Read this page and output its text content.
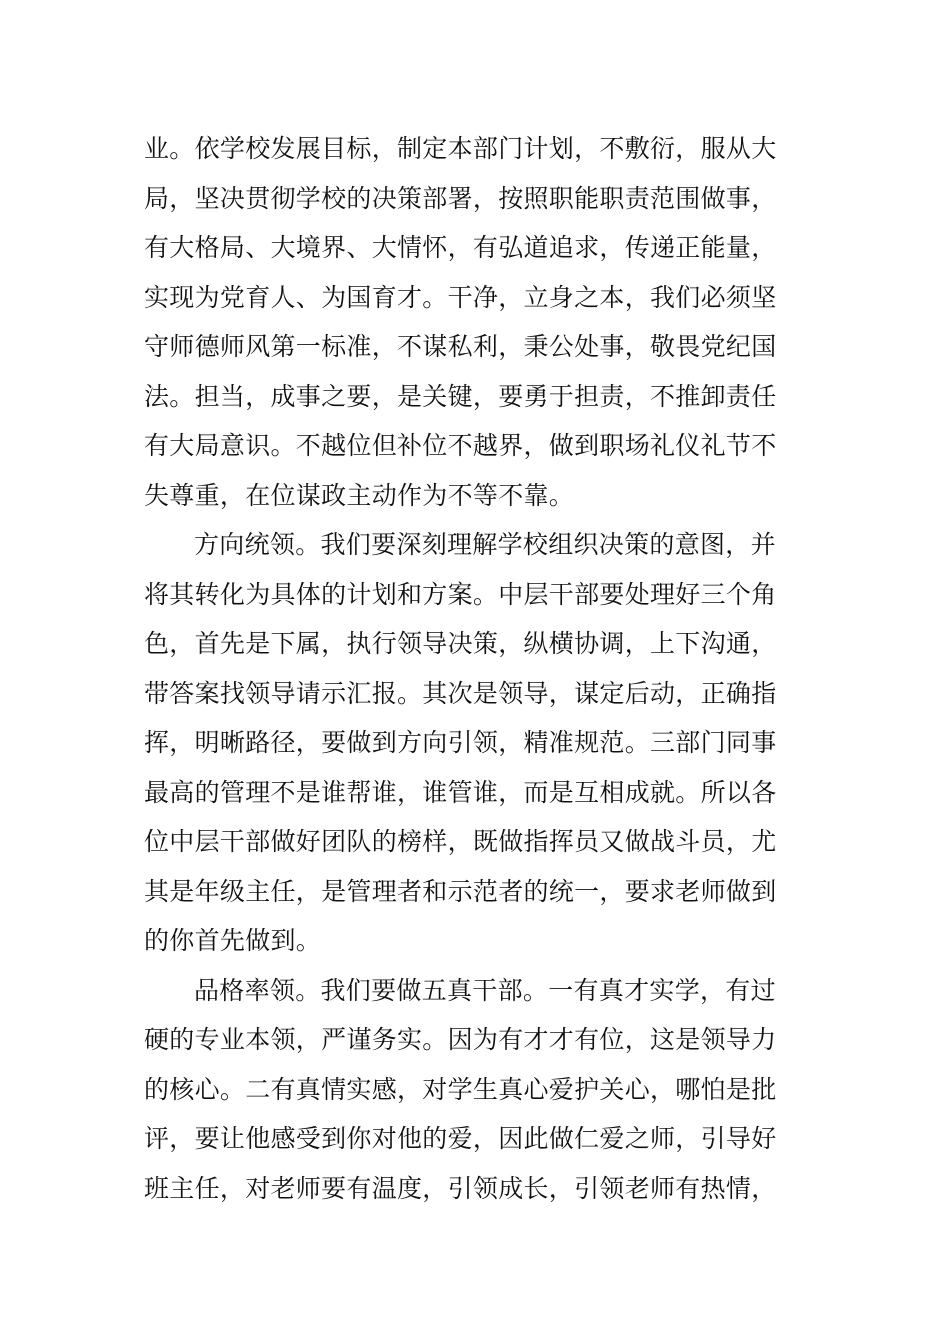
业。依学校发展目标，制定本部门计划，不敷衍，服从大
局，坚决贯彻学校的决策部署，按照职能职责范围做事，
有大格局、大境界、大情怀，有弘道追求，传递正能量，
实现为党育人、为国育才。干净，立身之本，我们必须坚
守师德师风第一标准，不谋私利，秉公处事，敬畏党纪国
法。担当，成事之要，是关键，要勇于担责，不推卸责任
有大局意识。不越位但补位不越界，做到职场礼仪礼节不
失尊重，在位谋政主动作为不等不靠。
方向统领。我们要深刻理解学校组织决策的意图，并
将其转化为具体的计划和方案。中层干部要处理好三个角
色，首先是下属，执行领导决策，纵横协调，上下沟通，
带答案找领导请示汇报。其次是领导，谋定后动，正确指
挥，明晰路径，要做到方向引领，精准规范。三部门同事
最高的管理不是谁帮谁，谁管谁，而是互相成就。所以各
位中层干部做好团队的榜样，既做指挥员又做战斗员，尤
其是年级主任，是管理者和示范者的统一，要求老师做到
的你首先做到。
品格率领。我们要做五真干部。一有真才实学，有过
硬的专业本领，严谨务实。因为有才才有位，这是领导力
的核心。二有真情实感，对学生真心爱护关心，哪怕是批
评，要让他感受到你对他的爱，因此做仁爱之师，引导好
班主任，对老师要有温度，引领成长，引领老师有热情，
